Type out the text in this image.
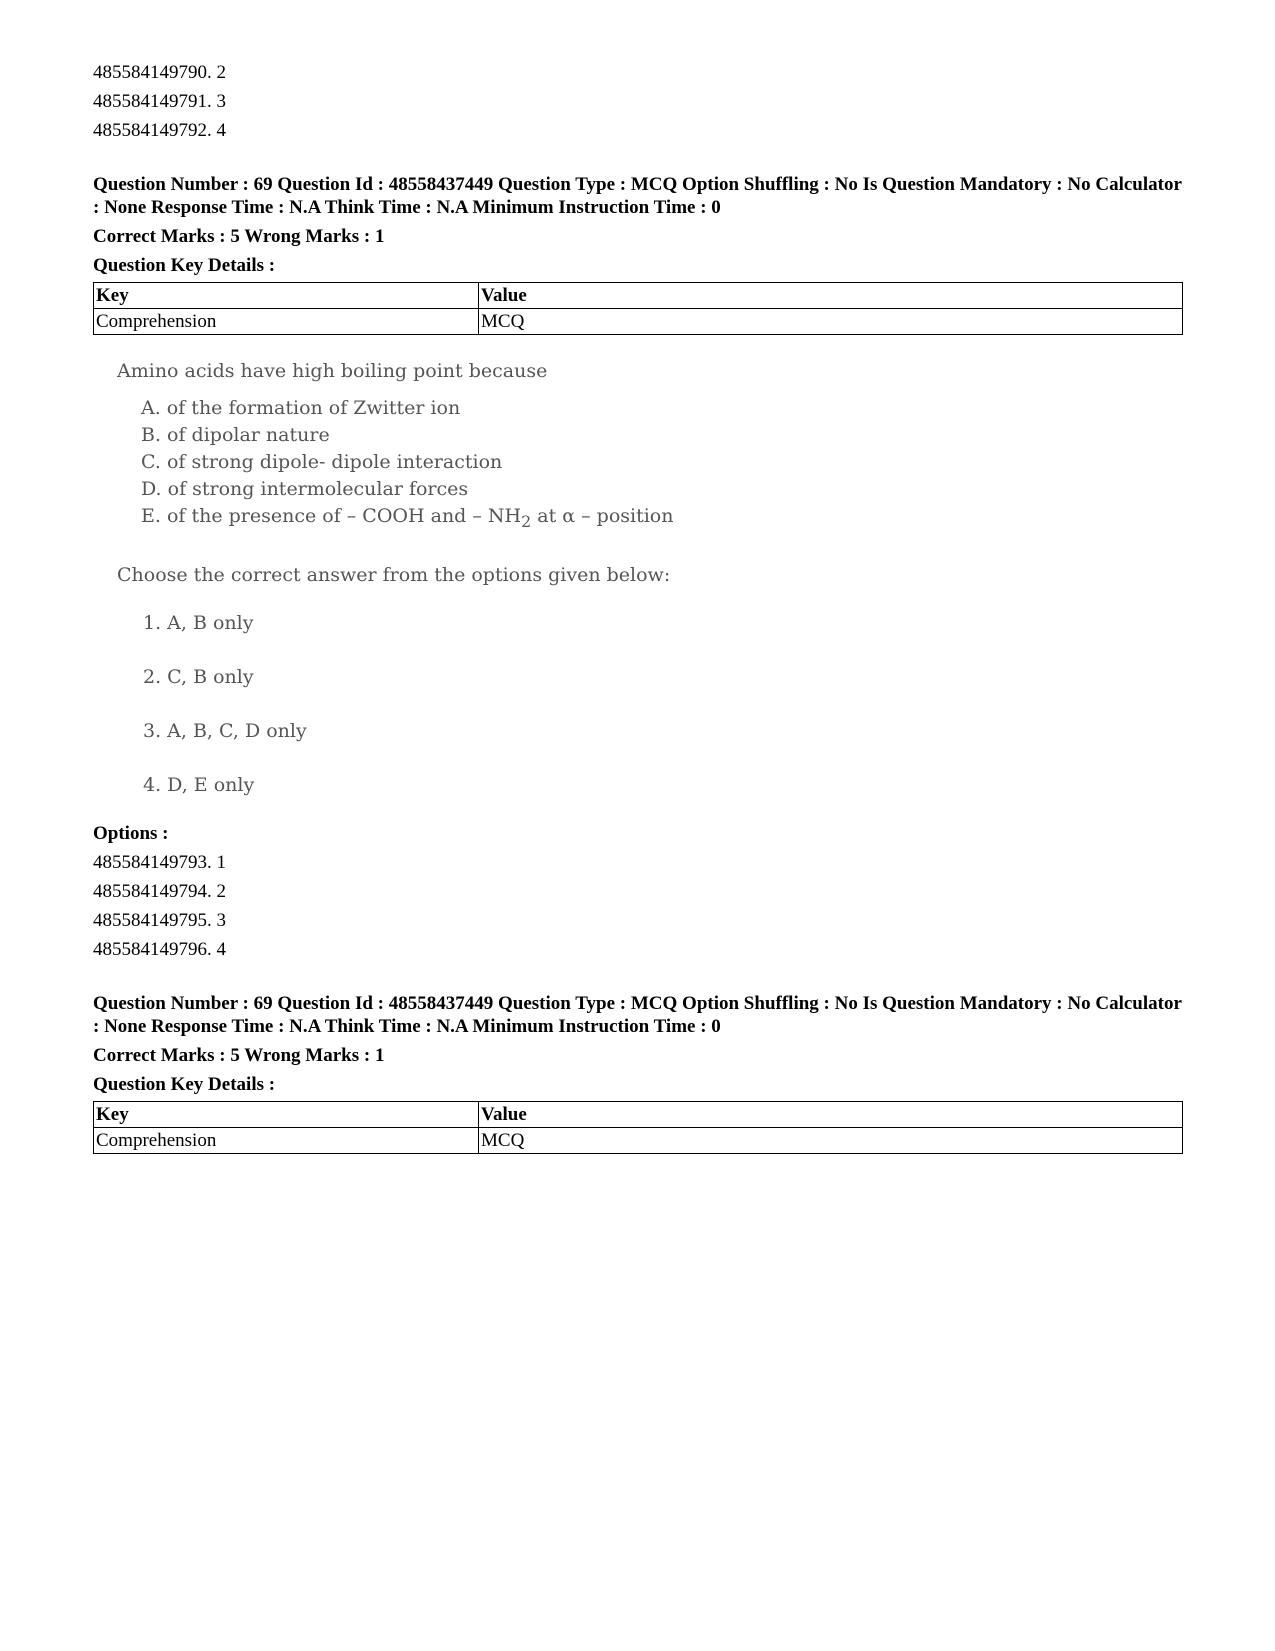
485584149790. 2
485584149791. 3
485584149792. 4
Question Number : 69 Question Id : 48558437449 Question Type : MCQ Option Shuffling : No Is Question Mandatory : No Calculator : None Response Time : N.A Think Time : N.A Minimum Instruction Time : 0
Correct Marks : 5 Wrong Marks : 1
Question Key Details :
Key	Value
Comprehension	MCQ
Amino acids have high boiling point because
A. of the formation of Zwitter ion
B. of dipolar nature
C. of strong dipole- dipole interaction
D. of strong intermolecular forces
E. of the presence of – COOH and – $NH_2$ at α – position
Choose the correct answer from the options given below:
1. A, B only
2. C, B only
3. A, B, C, D only
4. D, E only
Options :
485584149793. 1
485584149794. 2
485584149795. 3
485584149796. 4
Question Number : 69 Question Id : 48558437449 Question Type : MCQ Option Shuffling : No Is Question Mandatory : No Calculator : None Response Time : N.A Think Time : N.A Minimum Instruction Time : 0
Correct Marks : 5 Wrong Marks : 1
Question Key Details :
Key	Value
Comprehension	MCQ
